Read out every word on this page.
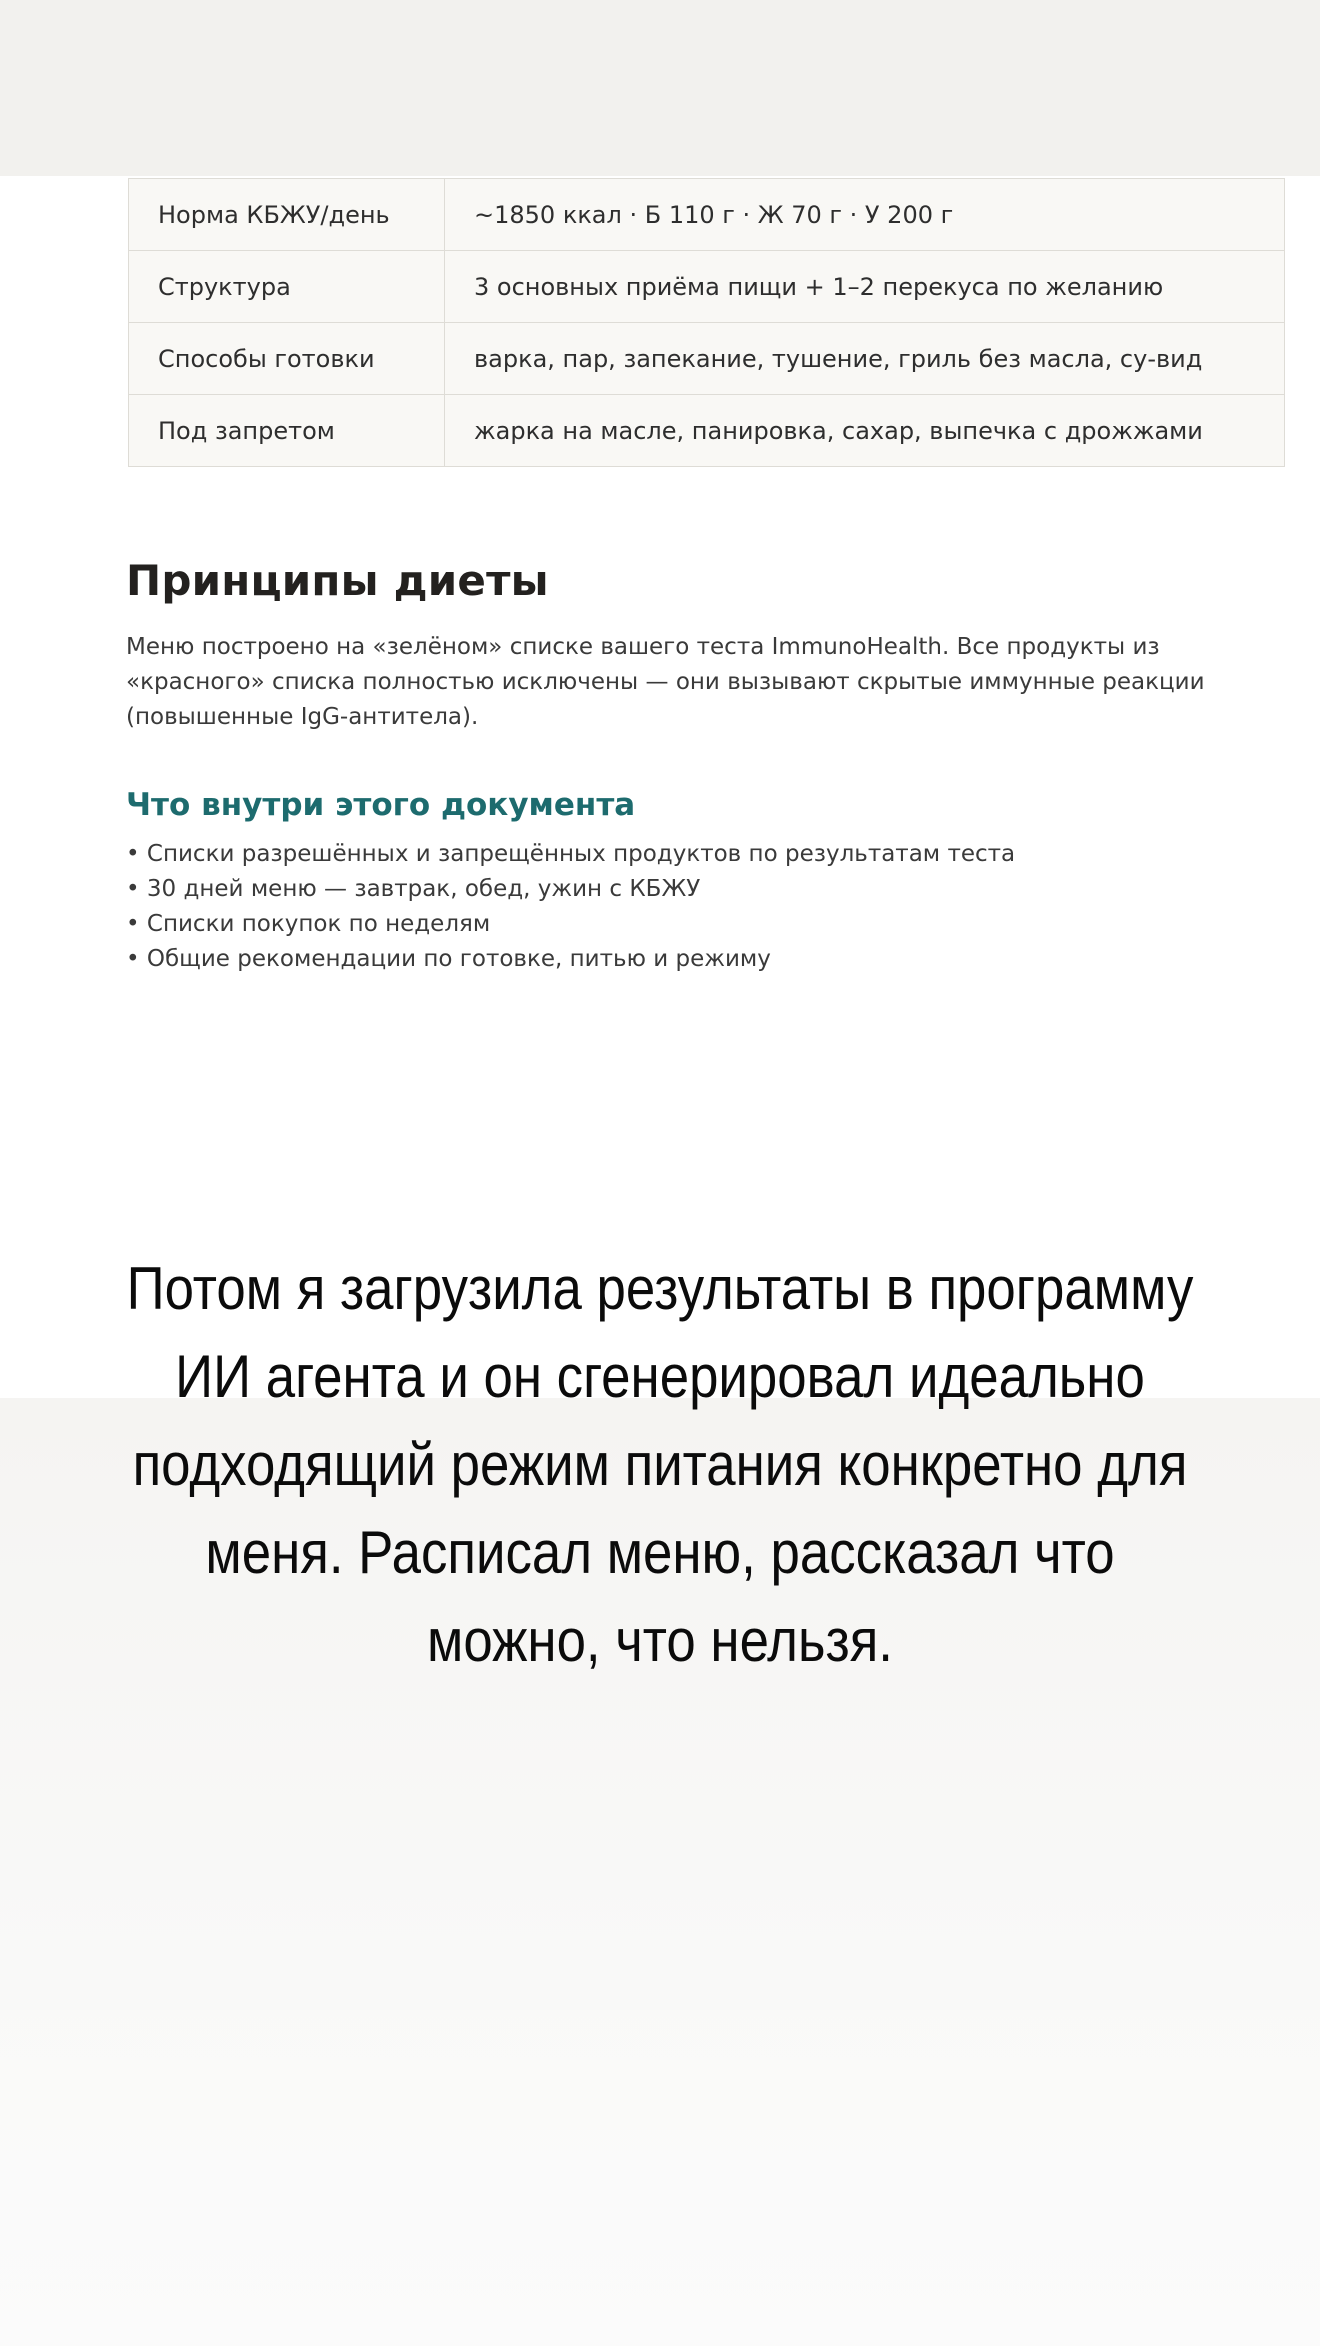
Норма КБЖУ/день	~1850 ккал · Б 110 г · Ж 70 г · У 200 г
Структура	3 основных приёма пищи + 1–2 перекуса по желанию
Способы готовки	варка, пар, запекание, тушение, гриль без масла, су-вид
Под запретом	жарка на масле, панировка, сахар, выпечка с дрожжами
Принципы диеты

Меню построено на «зелёном» списке вашего теста ImmunoHealth. Все продукты из «красного» списка полностью исключены — они вызывают скрытые иммунные реакции (повышенные IgG-антитела).

Что внутри этого документа
• Списки разрешённых и запрещённых продуктов по результатам теста
• 30 дней меню — завтрак, обед, ужин с КБЖУ
• Списки покупок по неделям
• Общие рекомендации по готовке, питью и режиму

Потом я загрузила результаты в программу ИИ агента и он сгенерировал идеально подходящий режим питания конкретно для меня. Расписал меню, рассказал что можно, что нельзя.
